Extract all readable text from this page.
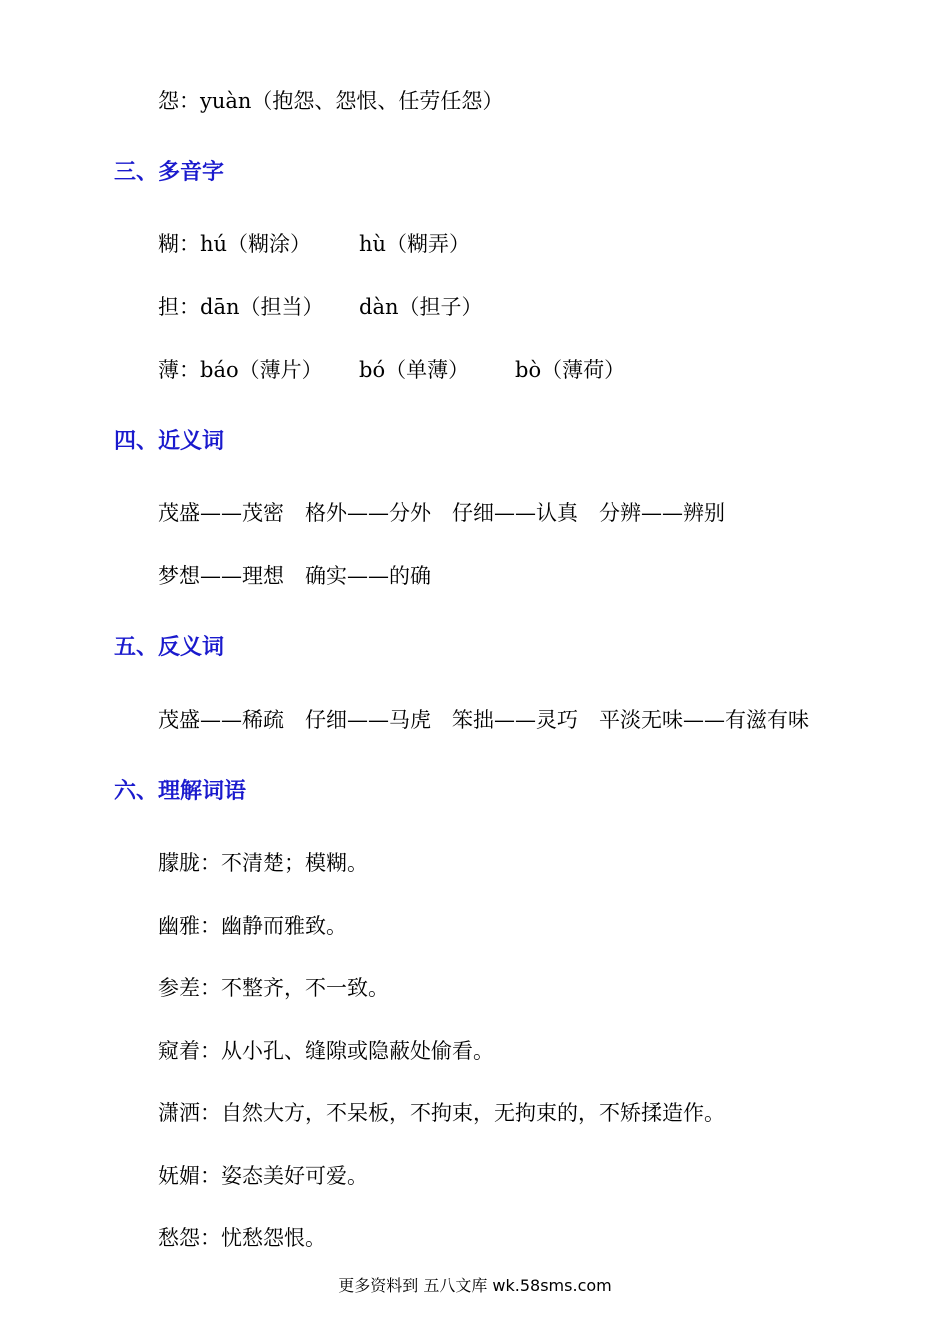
怨：yuàn（抱怨、怨恨、任劳任怨）
三、多音字
糊：hú（糊涂） hù（糊弄）
担：dān（担当） dàn（担子）
薄：báo（薄片） bó（单薄） bò（薄荷）
四、近义词
茂盛——茂密　格外——分外　仔细——认真　分辨——辨别
梦想——理想　确实——的确
五、反义词
茂盛——稀疏　仔细——马虎　笨拙——灵巧　平淡无味——有滋有味
六、理解词语
朦胧：不清楚；模糊。
幽雅：幽静而雅致。
参差：不整齐，不一致。
窥着：从小孔、缝隙或隐蔽处偷看。
潇洒：自然大方，不呆板，不拘束，无拘束的，不矫揉造作。
妩媚：姿态美好可爱。
愁怨：忧愁怨恨。
更多资料到 五八文库 wk.58sms.com
